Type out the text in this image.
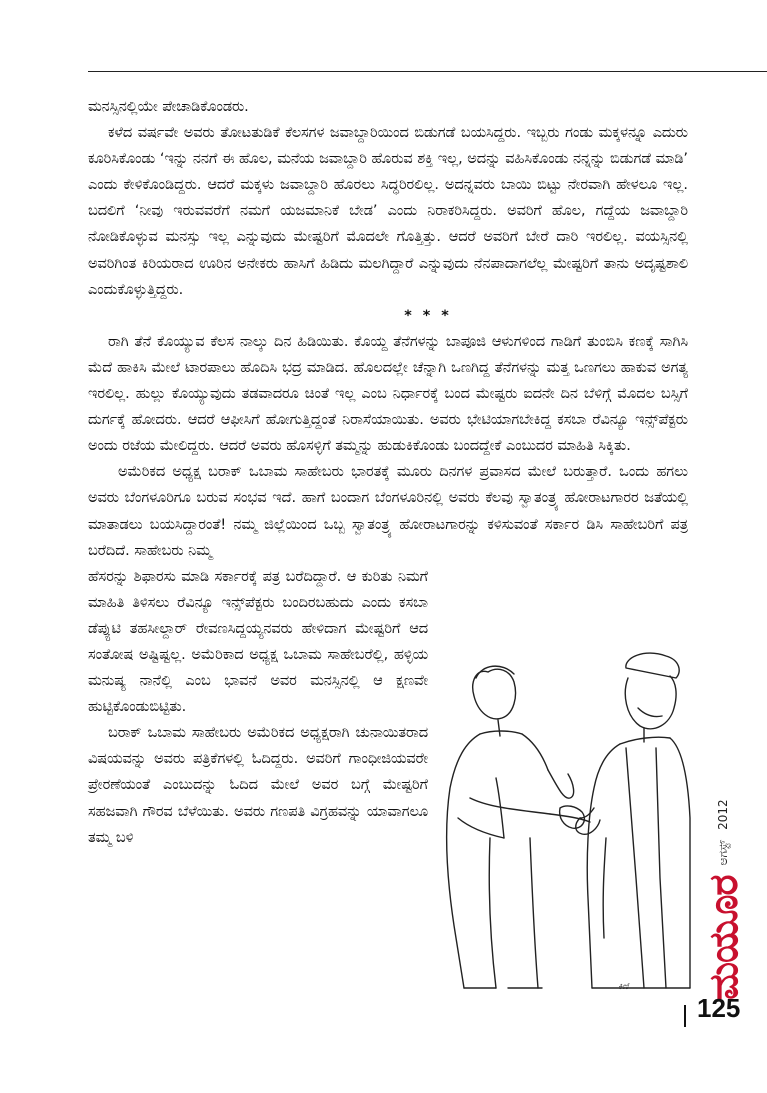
ಮನಸ್ಸಿನಲ್ಲಿಯೇ ಪೇಚಾಡಿಕೊಂಡರು.

ಕಳೆದ ವರ್ಷವೇ ಅವರು ತೋಟತುಡಿಕೆ ಕೆಲಸಗಳ ಜವಾಬ್ದಾರಿಯಿಂದ ಬಿಡುಗಡೆ ಬಯಸಿದ್ದರು. ಇಬ್ಬರು ಗಂಡು ಮಕ್ಕಳನ್ನೂ ಎದುರು ಕೂರಿಸಿಕೊಂಡು ‘ಇನ್ನು ನನಗೆ ಈ ಹೊಲ, ಮನೆಯ ಜವಾಬ್ದಾರಿ ಹೊರುವ ಶಕ್ತಿ ಇಲ್ಲ, ಅದನ್ನು ವಹಿಸಿಕೊಂಡು ನನ್ನನ್ನು ಬಿಡುಗಡೆ ಮಾಡಿ’ ಎಂದು ಕೇಳಿಕೊಂಡಿದ್ದರು. ಆದರೆ ಮಕ್ಕಳು ಜವಾಬ್ದಾರಿ ಹೊರಲು ಸಿದ್ಧರಿರಲಿಲ್ಲ. ಅದನ್ನವರು ಬಾಯಿ ಬಿಟ್ಟು ನೇರವಾಗಿ ಹೇಳಲೂ ಇಲ್ಲ. ಬದಲಿಗೆ ‘ನೀವು ಇರುವವರೆಗೆ ನಮಗೆ ಯಜಮಾನಿಕೆ ಬೇಡ’ ಎಂದು ನಿರಾಕರಿಸಿದ್ದರು. ಅವರಿಗೆ ಹೊಲ, ಗದ್ದೆಯ ಜವಾಬ್ದಾರಿ ನೋಡಿಕೊಳ್ಳುವ ಮನಸ್ಸು ಇಲ್ಲ ಎನ್ನುವುದು ಮೇಷ್ಟರಿಗೆ ಮೊದಲೇ ಗೊತ್ತಿತ್ತು. ಆದರೆ ಅವರಿಗೆ ಬೇರೆ ದಾರಿ ಇರಲಿಲ್ಲ. ವಯಸ್ಸಿನಲ್ಲಿ ಅವರಿಗಿಂತ ಕಿರಿಯರಾದ ಊರಿನ ಅನೇಕರು ಹಾಸಿಗೆ ಹಿಡಿದು ಮಲಗಿದ್ದಾರೆ ಎನ್ನುವುದು ನೆನಪಾದಾಗಲೆಲ್ಲ ಮೇಷ್ಟರಿಗೆ ತಾನು ಅದೃಷ್ಟಶಾಲಿ ಎಂದುಕೊಳ್ಳುತ್ತಿದ್ದರು.

* * *

ರಾಗಿ ತೆನೆ ಕೊಯ್ಯುವ ಕೆಲಸ ನಾಲ್ಕು ದಿನ ಹಿಡಿಯಿತು. ಕೊಯ್ದ ತೆನೆಗಳನ್ನು ಬಾಪೂಜಿ ಆಳುಗಳಿಂದ ಗಾಡಿಗೆ ತುಂಬಿಸಿ ಕಣಕ್ಕೆ ಸಾಗಿಸಿ ಮೆದೆ ಹಾಕಿಸಿ ಮೇಲೆ ಟಾರಪಾಲು ಹೊದಿಸಿ ಭದ್ರ ಮಾಡಿದ. ಹೊಲದಲ್ಲೇ ಚೆನ್ನಾಗಿ ಒಣಗಿದ್ದ ತೆನೆಗಳನ್ನು ಮತ್ತ ಒಣಗಲು ಹಾಕುವ ಅಗತ್ಯ ಇರಲಿಲ್ಲ. ಹುಲ್ಲು ಕೊಯ್ಯುವುದು ತಡವಾದರೂ ಚಿಂತೆ ಇಲ್ಲ ಎಂಬ ನಿರ್ಧಾರಕ್ಕೆ ಬಂದ ಮೇಷ್ಟರು ಐದನೇ ದಿನ ಬೆಳಿಗ್ಗೆ ಮೊದಲ ಬಸ್ಸಿಗೆ ದುರ್ಗಕ್ಕೆ ಹೋದರು. ಆದರೆ ಆಫೀಸಿಗೆ ಹೋಗುತ್ತಿದ್ದಂತೆ ನಿರಾಸೆಯಾಯಿತು. ಅವರು ಭೇಟಿಯಾಗಬೇಕಿದ್ದ ಕಸಬಾ ರೆವಿನ್ಯೂ ಇನ್ಸ್‌ಪೆಕ್ಟರು ಅಂದು ರಜೆಯ ಮೇಲಿದ್ದರು. ಆದರೆ ಅವರು ಹೊಸಳ್ಳಿಗೆ ತಮ್ಮನ್ನು ಹುಡುಕಿಕೊಂಡು ಬಂದದ್ದೇಕೆ ಎಂಬುದರ ಮಾಹಿತಿ ಸಿಕ್ಕಿತು.

ಅಮೆರಿಕದ ಅಧ್ಯಕ್ಷ ಬರಾಕ್ ಒಬಾಮ ಸಾಹೇಬರು ಭಾರತಕ್ಕೆ ಮೂರು ದಿನಗಳ ಪ್ರವಾಸದ ಮೇಲೆ ಬರುತ್ತಾರೆ. ಒಂದು ಹಗಲು ಅವರು ಬೆಂಗಳೂರಿಗೂ ಬರುವ ಸಂಭವ ಇದೆ. ಹಾಗೆ ಬಂದಾಗ ಬೆಂಗಳೂರಿನಲ್ಲಿ ಅವರು ಕೆಲವು ಸ್ವಾತಂತ್ರ್ಯ ಹೋರಾಟಗಾರರ ಜತೆಯಲ್ಲಿ ಮಾತಾಡಲು ಬಯಸಿದ್ದಾರಂತೆ! ನಮ್ಮ ಜಿಲ್ಲೆಯಿಂದ ಒಬ್ಬ ಸ್ವಾತಂತ್ರ್ಯ ಹೋರಾಟಗಾರನ್ನು ಕಳಿಸುವಂತೆ ಸರ್ಕಾರ ಡಿಸಿ ಸಾಹೇಬರಿಗೆ ಪತ್ರ ಬರೆದಿದೆ. ಸಾಹೇಬರು ನಿಮ್ಮ

ಹೆಸರನ್ನು ಶಿಫಾರಸು ಮಾಡಿ ಸರ್ಕಾರಕ್ಕೆ ಪತ್ರ ಬರೆದಿದ್ದಾರೆ. ಆ ಕುರಿತು ನಿಮಗೆ ಮಾಹಿತಿ ತಿಳಿಸಲು ರೆವಿನ್ಯೂ ಇನ್ಸ್‌ಪೆಕ್ಟರು ಬಂದಿರಬಹುದು ಎಂದು ಕಸಬಾ ಡೆಪ್ಯುಟಿ ತಹಸೀಲ್ದಾರ್ ರೇವಣಸಿದ್ದಯ್ಯನವರು ಹೇಳಿದಾಗ ಮೇಷ್ಟರಿಗೆ ಆದ ಸಂತೋಷ ಅಷ್ಟಿಷ್ಟಲ್ಲ. ಅಮೆರಿಕಾದ ಅಧ್ಯಕ್ಷ ಒಬಾಮ ಸಾಹೇಬರೆಲ್ಲಿ, ಹಳ್ಳಿಯ ಮನುಷ್ಯ ನಾನೆಲ್ಲಿ ಎಂಬ ಭಾವನೆ ಅವರ ಮನಸ್ಸಿನಲ್ಲಿ ಆ ಕ್ಷಣವೇ ಹುಟ್ಟಿಕೊಂಡುಬಿಟ್ಟಿತು.

ಬರಾಕ್ ಒಬಾಮ ಸಾಹೇಬರು ಅಮೆರಿಕದ ಅಧ್ಯಕ್ಷರಾಗಿ ಚುನಾಯಿತರಾದ ವಿಷಯವನ್ನು ಅವರು ಪತ್ರಿಕೆಗಳಲ್ಲಿ ಓದಿದ್ದರು. ಅವರಿಗೆ ಗಾಂಧೀಜಿಯವರೇ ಪ್ರೇರಣೆಯಂತೆ ಎಂಬುದನ್ನು ಓದಿದ ಮೇಲೆ ಅವರ ಬಗ್ಗೆ ಮೇಷ್ಟರಿಗೆ ಸಹಜವಾಗಿ ಗೌರವ ಬೆಳೆಯಿತು. ಅವರು ಗಣಪತಿ ವಿಗ್ರಹವನ್ನು ಯಾವಾಗಲೂ ತಮ್ಮ ಬಳಿ

ಕಿಣಿ ಮಯೂರ
ಆಗಸ್ಟ್
2012
125
